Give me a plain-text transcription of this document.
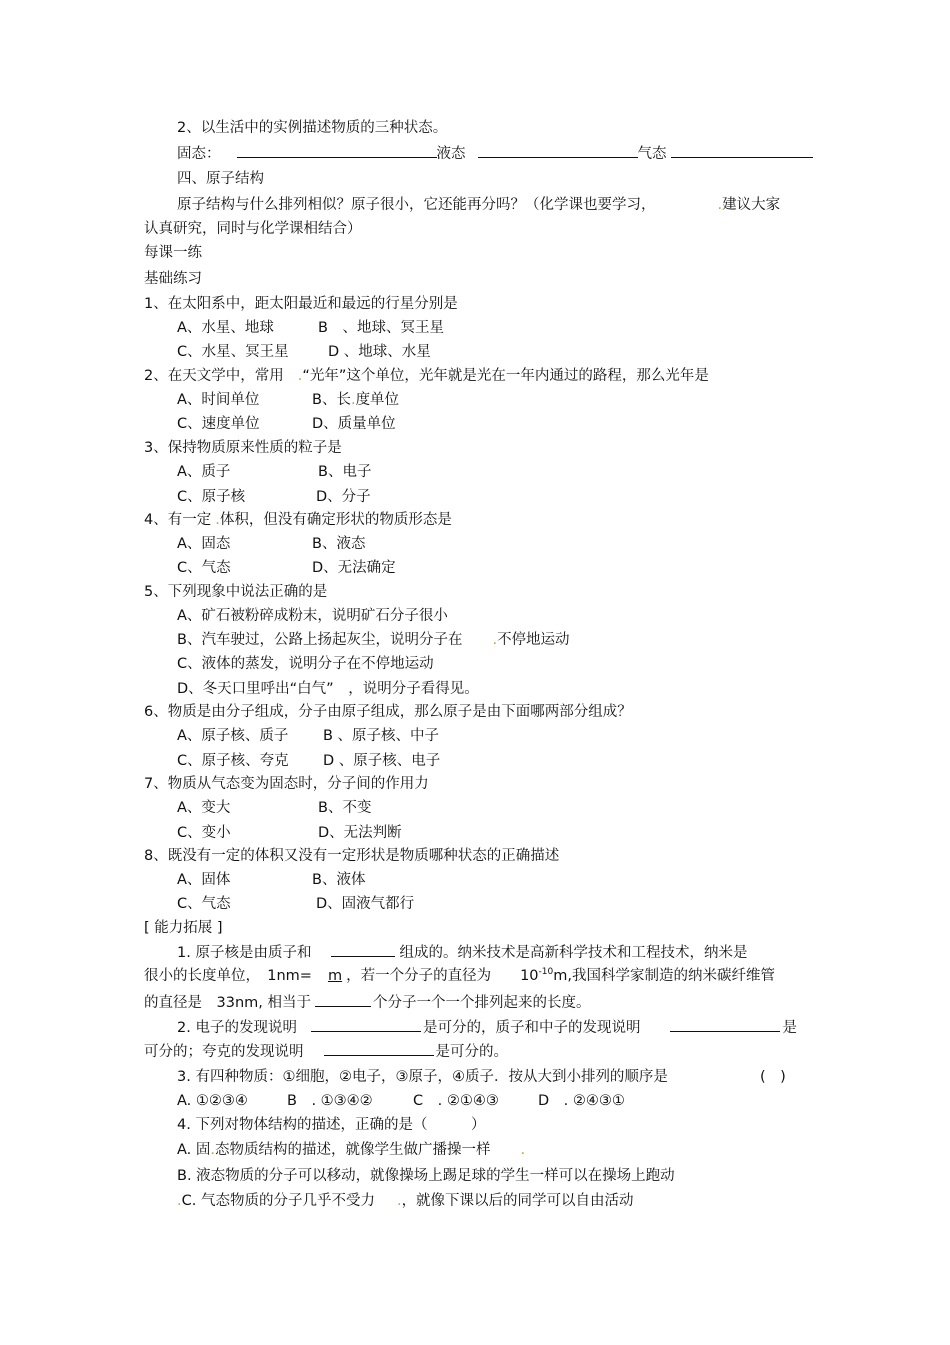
2、以生活中的实例描述物质的三种状态。
固态：	液态	气态
四、原子结构
原子结构与什么排列相似？原子很小，它还能再分吗？（化学课也要学习，	.建议大家
认真研究，同时与化学课相结合）
每课一练
基础练习
1、在太阳系中，距太阳最近和最远的行星分别是
A、水星、地球	B　、地球、冥王星
C、水星、冥王星	D 、地球、水星
2、在天文学中，常用 .“光年”这个单位，光年就是光在一年内通过的路程，那么光年是
A、时间单位	B、长.度单位
C、速度单位	D、质量单位
3、保持物质原来性质的粒子是
A、质子	B、电子
C、原子核	D、分子
4、有一定 .体积，但没有确定形状的物质形态是
A、固态	B、液态
C、气态	D、无法确定
5、下列现象中说法正确的是
A、矿石被粉碎成粉末，说明矿石分子很小
B、汽车驶过，公路上扬起灰尘，说明分子在 .不停地运动
C、液体的蒸发，说明分子在不停地运动
D、冬天口里呼出“白气”　，说明分子看得见。
6、物质是由分子组成，分子由原子组成，那么原子是由下面哪两部分组成？
A、原子核、质子 B 、原子核、中子
C、原子核、夸克 D 、原子核、电子
7、物质从气态变为固态时，分子间的作用力
A、变大	B、不变
C、变小	D、无法判断
8、既没有一定的体积又没有一定形状是物质哪种状态的正确描述
A、固体	B、液体
C、气态	D、固液气都行
[ 能力拓展 ]
1. 原子核是由质子和	组成的。纳米技术是高新科学技术和工程技术，纳米是
很小的长度单位，　1nm= m ，若一个分子的直径为　　$10^{-10}m$,我国科学家制造的纳米碳纤维管
的直径是　33nm, 相当于	个分子一个一个排列起来的长度。
2. 电子的发现说明	是可分的，质子和中子的发现说明	是
可分的；夸克的发现说明	是可分的。
3. 有四种物质：①细胞，②电子，③原子，④质子．按从大到小排列的顺序是	(　)
A. ①②③④	B　. ①③④②	C　. ②①④③	D　. ②④③①
4. 下列对物体结构的描述，正确的是（　　　）
A. 固.态物质结构的描述，就像学生做广播操一样 .
B. 液态物质的分子可以移动，就像操场上踢足球的学生一样可以在操场上跑动
.C. 气态物质的分子几乎不受力 .，就像下课以后的同学可以自由活动
